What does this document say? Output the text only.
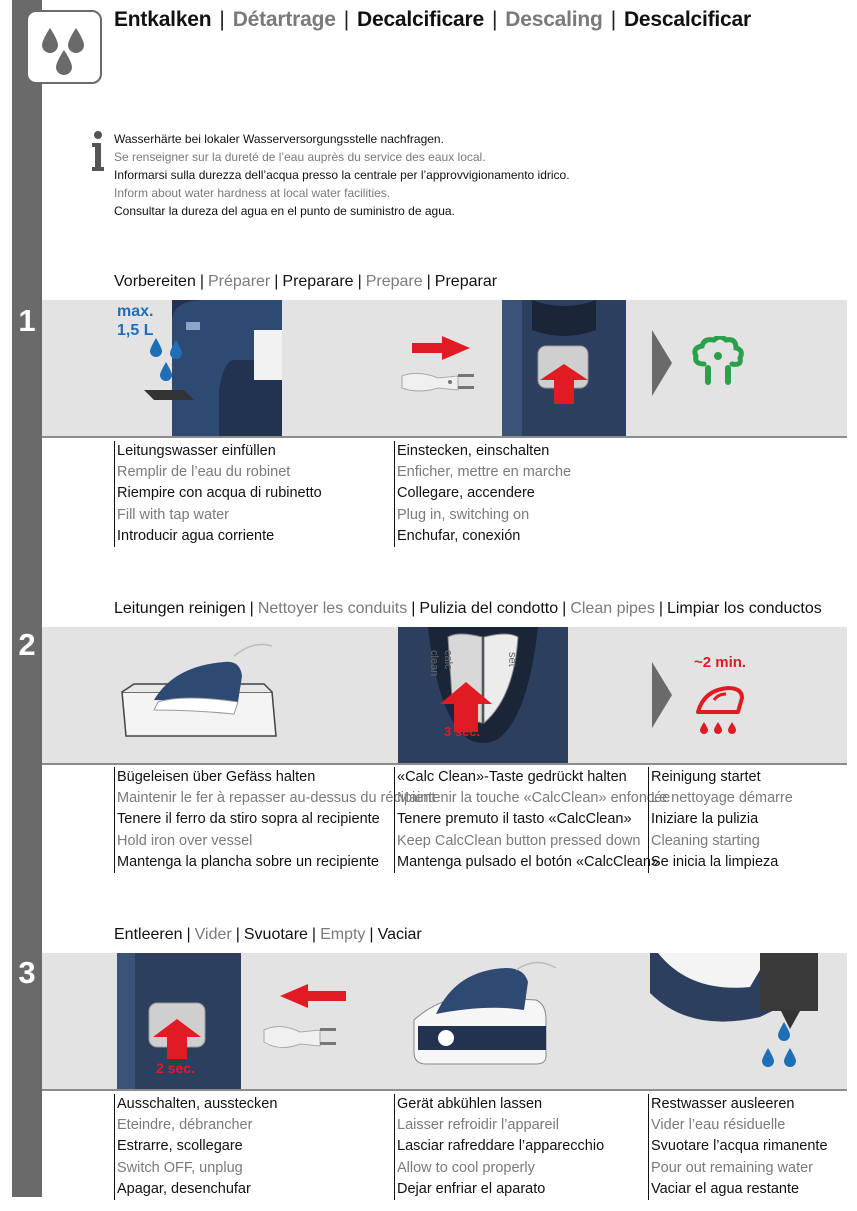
1
2
3
Entkalken | Détartrage | Decalcificare | Descaling | Descalcificar
Wasserhärte bei lokaler Wasserversorgungsstelle nachfragen.
Se renseigner sur la dureté de l’eau auprès du service des eaux local.
Informarsi sulla durezza dell’acqua presso la centrale per l’approvvigionamento idrico.
Inform about water hardness at local water facilities.
Consultar la dureza del agua en el punto de suministro de agua.
Vorbereiten | Préparer | Preparare | Prepare | Preparar
max.
1,5 L
Leitungswasser einfüllen
Remplir de l’eau du robinet
Riempire con acqua di rubinetto
Fill with tap water
Introducir agua corriente
Einstecken, einschalten
Enficher, mettre en marche
Collegare, accendere
Plug in, switching on
Enchufar, conexión
Leitungen reinigen | Nettoyer les conduits | Pulizia del condotto | Clean pipes | Limpiar los conductos
calc
clean	set
3 sec.
~2 min.
Bügeleisen über Gefäss halten
Maintenir le fer à repasser au-dessus du récipient
Tenere il ferro da stiro sopra al recipiente
Hold iron over vessel
Mantenga la plancha sobre un recipiente
«Calc Clean»-Taste gedrückt halten
Maintenir la touche «CalcClean» enfoncée
Tenere premuto il tasto «CalcClean»
Keep CalcClean button pressed down
Mantenga pulsado el botón «CalcClean»
Reinigung startet
Le nettoyage démarre
Iniziare la pulizia
Cleaning starting
Se inicia la limpieza
Entleeren | Vider | Svuotare | Empty | Vaciar
2 sec.
Ausschalten, ausstecken
Eteindre, débrancher
Estrarre, scollegare
Switch OFF, unplug
Apagar, desenchufar
Gerät abkühlen lassen
Laisser refroidir l’appareil
Lasciar rafreddare l’apparecchio
Allow to cool properly
Dejar enfriar el aparato
Restwasser ausleeren
Vider l’eau résiduelle
Svuotare l’acqua rimanente
Pour out remaining water
Vaciar el agua restante
